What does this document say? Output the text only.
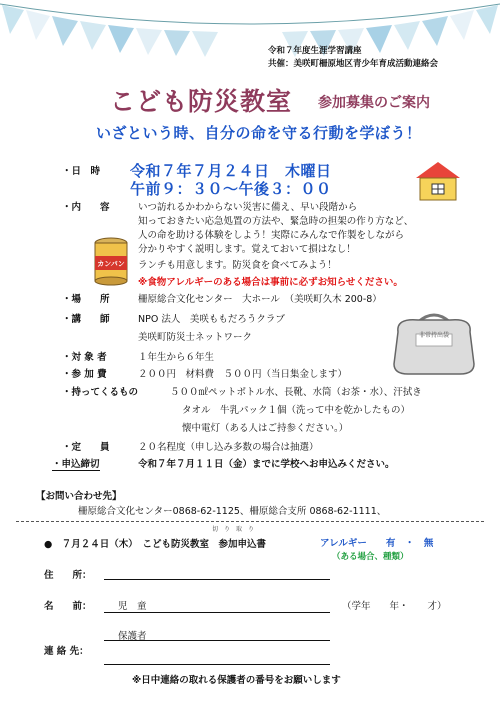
令和７年度生涯学習講座
共催：美咲町柵原地区青少年育成活動連絡会
こども防災教室 参加募集のご案内
いざという時、自分の命を守る行動を学ぼう！
・日　時 令和７年７月２４日　木曜日
午前９：３０～午後３：００
・内　　容	いつ訪れるかわからない災害に備え、早い段階から
知っておきたい応急処置の方法や、緊急時の担架の作り方など、
人の命を助ける体験をしよう！実際にみんなで作製をしながら
分かりやすく説明します。覚えておいて損はなし！
ランチも用意します。防災食を食べてみよう！
※食物アレルギーのある場合は事前に必ずお知らせください。
カンパン
・場　　所	柵原総合文化センター　大ホール　（美咲町久木 200-8）
・講　　師	NPO 法人　美咲ももだろうクラブ
美咲町防災士ネットワーク	非常持出袋
・対 象 者	１年生から６年生
・参 加 費	２００円　材料費　５００円（当日集金します）
・持ってくるもの	５００㎖ペットボトル水、長靴、水筒（お茶・水）、汗拭き
タオル　牛乳パック１個（洗って中を乾かしたもの）
懐中電灯（ある人はご持参ください。）
・定　　員	２０名程度（申し込み多数の場合は抽選）
・申込締切	令和７年７月１１日（金）までに学校へお申込みください。
【お問い合わせ先】
柵原総合文化センター0868-62-1125、柵原総合支所 0868-62-1111、
切　り　取　り
●　７月２４日（木）　こども防災教室　参加申込書	アレルギー　　有　・　無
（ある場合、種類）
住　　所：
名　　前：	児　童	（学年　　年・　　才）
保護者
連 絡 先：
※日中連絡の取れる保護者の番号をお願いします
